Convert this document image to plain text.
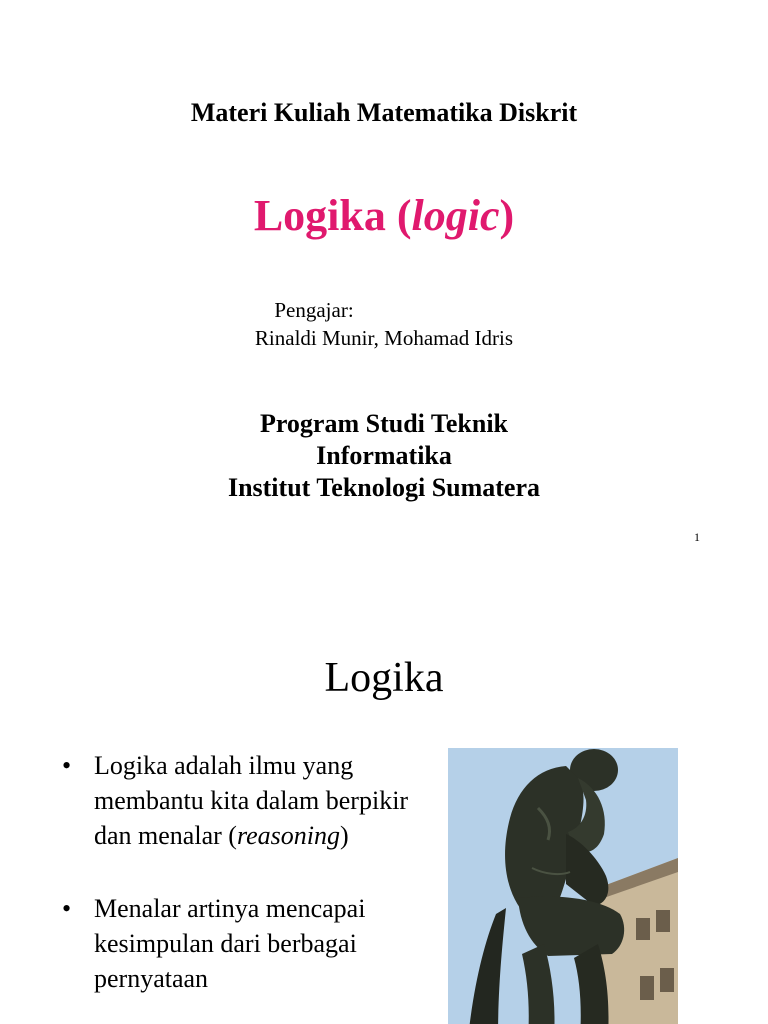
Materi Kuliah Matematika Diskrit
Logika (logic)
Pengajar:
Rinaldi Munir, Mohamad Idris
Program Studi Teknik
Informatika
Institut Teknologi Sumatera
1
Logika
• Logika adalah ilmu yang membantu kita dalam berpikir dan menalar (reasoning)
• Menalar artinya mencapai kesimpulan dari berbagai pernyataan
